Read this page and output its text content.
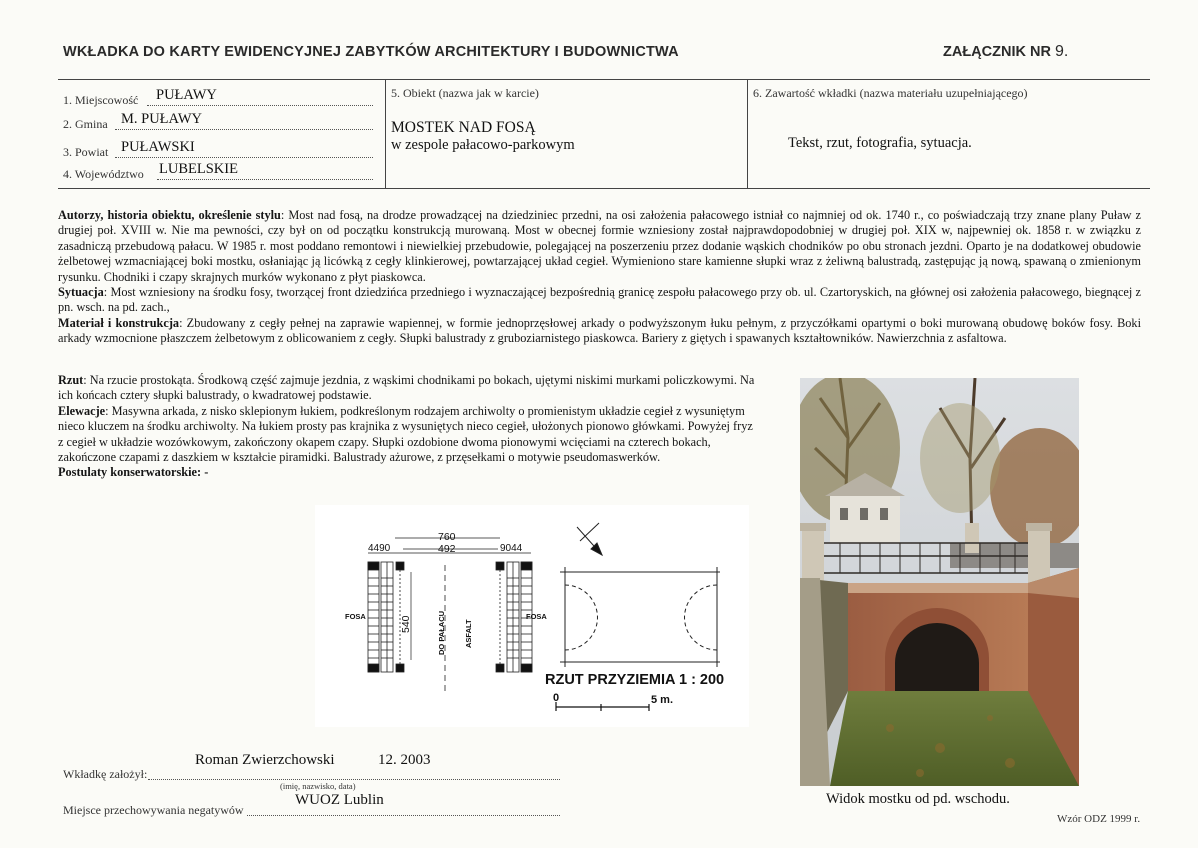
WKŁADKA DO KARTY EWIDENCYJNEJ ZABYTKÓW ARCHITEKTURY I BUDOWNICTWA	ZAŁĄCZNIK NR 9.
1. Miejscowość PUŁAWY
2. Gmina M. PUŁAWY
3. Powiat PUŁAWSKI
4. Województwo LUBELSKIE
5. Obiekt (nazwa jak w karcie)
MOSTEK NAD FOSĄ
w zespole pałacowo-parkowym
6. Zawartość wkładki (nazwa materiału uzupełniającego)
Tekst, rzut, fotografia, sytuacja.

Autorzy, historia obiektu, określenie stylu: Most nad fosą, na drodze prowadzącej na dziedziniec przedni, na osi założenia pałacowego istniał co najmniej od ok. 1740 r., co poświadczają trzy znane plany Puław z drugiej poł. XVIII w. Nie ma pewności, czy był on od początku konstrukcją murowaną. Most w obecnej formie wzniesiony został najprawdopodobniej w drugiej poł. XIX w, najpewniej ok. 1858 r. w związku z zasadniczą przebudową pałacu. W 1985 r. most poddano remontowi i niewielkiej przebudowie, polegającej na poszerzeniu przez dodanie wąskich chodników po obu stronach jezdni. Oparto je na dodatkowej obudowie żelbetowej wzmacniającej boki mostku, osłaniając ją licówką z cegły klinkierowej, powtarzającej układ cegieł. Wymieniono stare kamienne słupki wraz z żeliwną balustradą, zastępując ją nową, spawaną o zmienionym rysunku. Chodniki i czapy skrajnych murków wykonano z płyt piaskowca.

Sytuacja: Most wzniesiony na środku fosy, tworzącej front dziedzińca przedniego i wyznaczającej bezpośrednią granicę zespołu pałacowego przy ob. ul. Czartoryskich, na głównej osi założenia pałacowego, biegnącej z pn. wsch. na pd. zach.,

Materiał i konstrukcja: Zbudowany z cegły pełnej na zaprawie wapiennej, w formie jednoprzęsłowej arkady o podwyższonym łuku pełnym, z przyczółkami opartymi o boki murowaną obudowę boków fosy. Boki arkady wzmocnione płaszczem żelbetowym z oblicowaniem z cegły. Słupki balustrady z gruboziarnistego piaskowca. Bariery z giętych i spawanych kształtowników. Nawierzchnia z asfaltowa.

Rzut: Na rzucie prostokąta. Środkową część zajmuje jezdnia, z wąskimi chodnikami po bokach, ujętymi niskimi murkami policzkowymi. Na ich końcach cztery słupki balustrady, o kwadratowej podstawie.

Elewacje: Masywna arkada, z nisko sklepionym łukiem, podkreślonym rodzajem archiwolty o promienistym układzie cegieł z wysuniętym nieco kluczem na środku archiwolty. Na łukiem prosty pas krajnika z wysuniętych nieco cegieł, ułożonych pionowo główkami. Powyżej fryz z cegieł w układzie wozówkowym, zakończony okapem czapy. Słupki ozdobione dwoma pionowymi wcięciami na czterech bokach, zakończone czapami z daszkiem w kształcie piramidki. Balustrady ażurowe, z przęsełkami o motywie pseudomaswerków.

Postulaty konserwatorskie: -

760
492
4490	9044
540
FOSA	FOSA
DO PAŁACU ASFALT
RZUT PRZYZIEMIA 1 : 200
0	5 m.
Widok mostku od pd. wschodu.
Roman Zwierzchowski	12. 2003
Wkładkę założył:
(imię, nazwisko, data)
WUOZ Lublin
Miejsce przechowywania negatywów
Wzór ODZ 1999 r.
